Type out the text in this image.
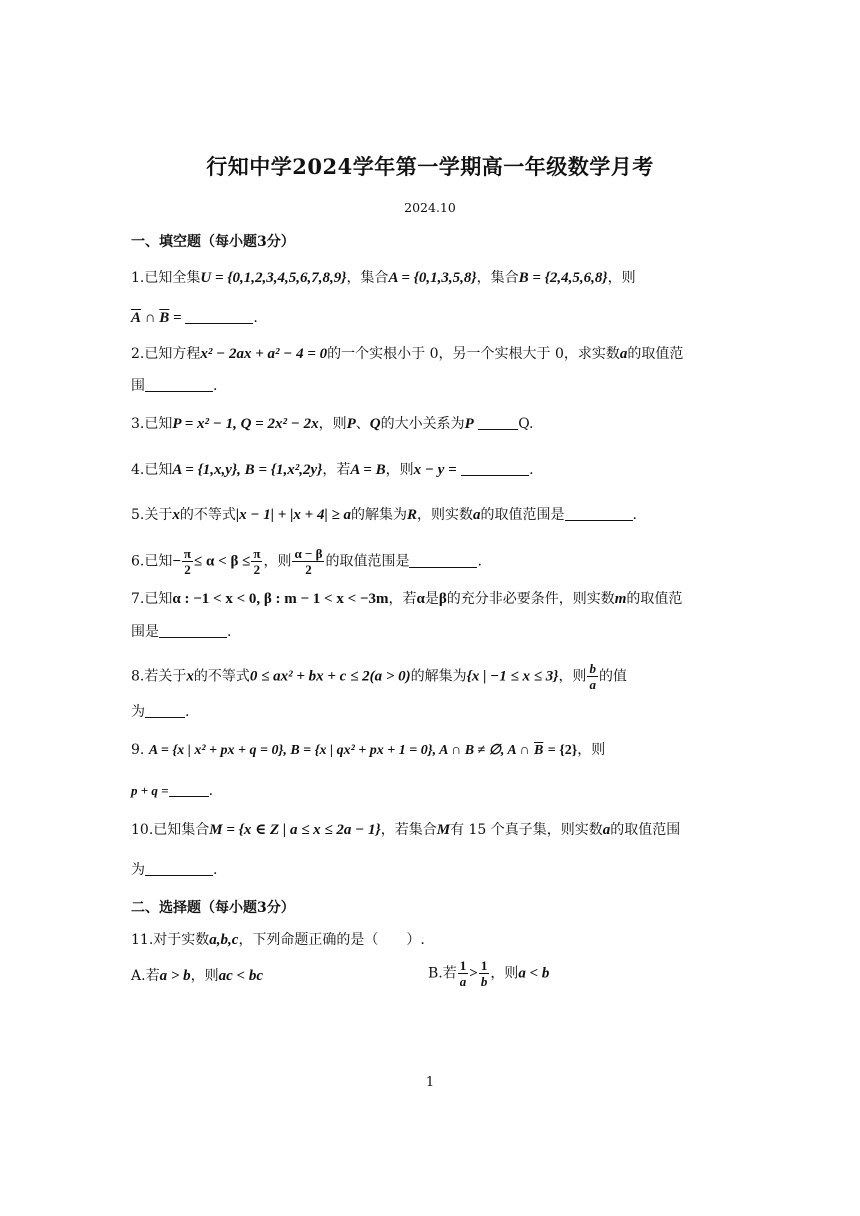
行知中学2024学年第一学期高一年级数学月考
2024.10
一、填空题（每小题3分）
1.已知全集U = {0,1,2,3,4,5,6,7,8,9}，集合A = {0,1,3,5,8}，集合B = {2,4,5,6,8}，则
$\overline{A}$ ∩ $\overline{B}$ =	.
2.已知方程x² − 2ax + a² − 4 = 0的一个实根小于 0，另一个实根大于 0，求实数a的取值范
围	.
3.已知P = x² − 1, Q = 2x² − 2x，则P、Q的大小关系为P	Q.
4.已知A = {1,x,y}, B = {1,x²,2y}，若A = B，则x − y =	.
5.关于x的不等式|x − 1| + |x + 4| ≥ a的解集为R，则实数a的取值范围是	.
6.已知− $\frac{\pi}{2} \le \alpha < \beta \le \frac{\pi}{2}$ ，则 $\frac{\alpha - \beta}{2}$ 的取值范围是	.
7.已知α : −1 < x < 0, β : m − 1 < x < −3m，若α是β的充分非必要条件，则实数m的取值范
围是	.
8.若关于x的不等式0 ≤ ax² + bx + c ≤ 2(a > 0)的解集为{x | −1 ≤ x ≤ 3}，则 $\frac{b}{a}$ 的值
为	.
9. A = {x | x² + px + q = 0}, B = {x | qx² + px + 1 = 0}, A ∩ B ≠ ∅, A ∩ $\overline{B} = \{2\}$，则
p + q =	.
10.已知集合M = {x ∈ Z | a ≤ x ≤ 2a − 1}，若集合M有 15 个真子集，则实数a的取值范围
为	.
二、选择题（每小题3分）
11.对于实数a,b,c，下列命题正确的是（　　）.
A.若a > b，则ac < bc	B.若 $\frac{1}{a} > \frac{1}{b}$ ，则a < b
1
